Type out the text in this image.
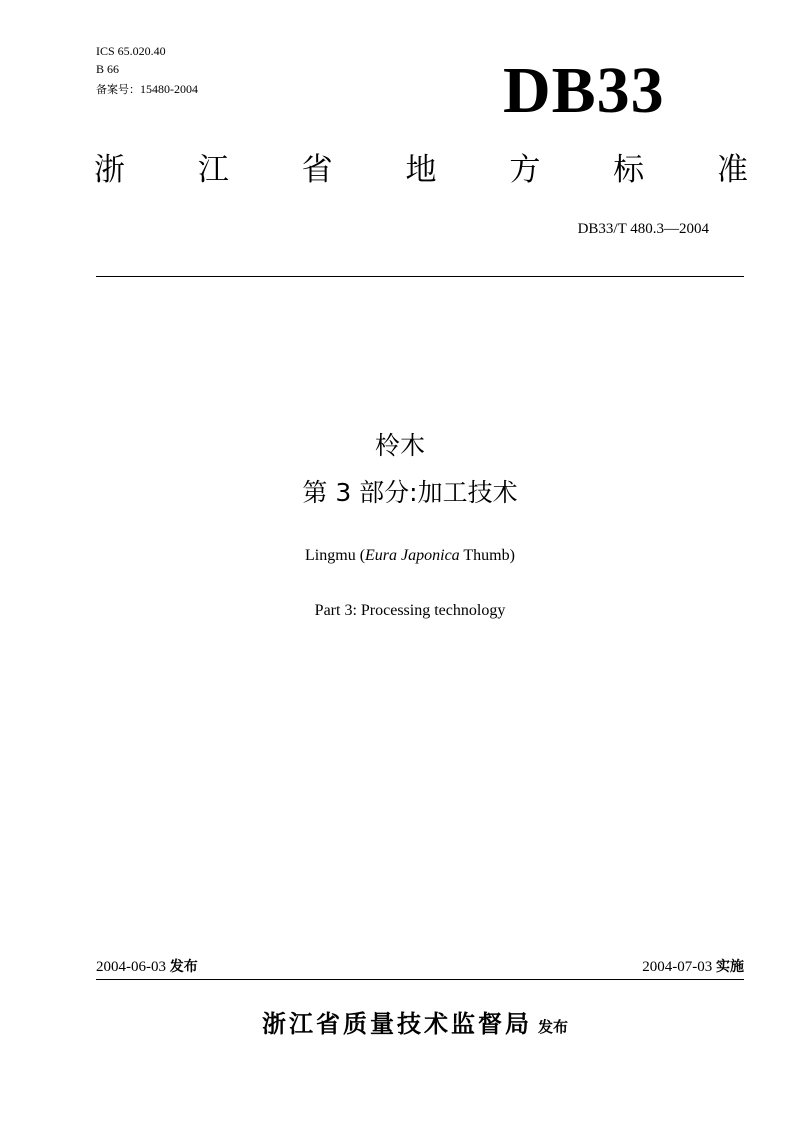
ICS 65.020.40
B 66
备案号：15480-2004	DB33
浙 江 省 地 方 标 准
DB33/T 480.3—2004
柃木
第 3 部分:加工技术
Lingmu (Eura Japonica Thumb)
Part 3: Processing technology
2004-06-03 发布	2004-07-03 实施
浙江省质量技术监督局 发布
